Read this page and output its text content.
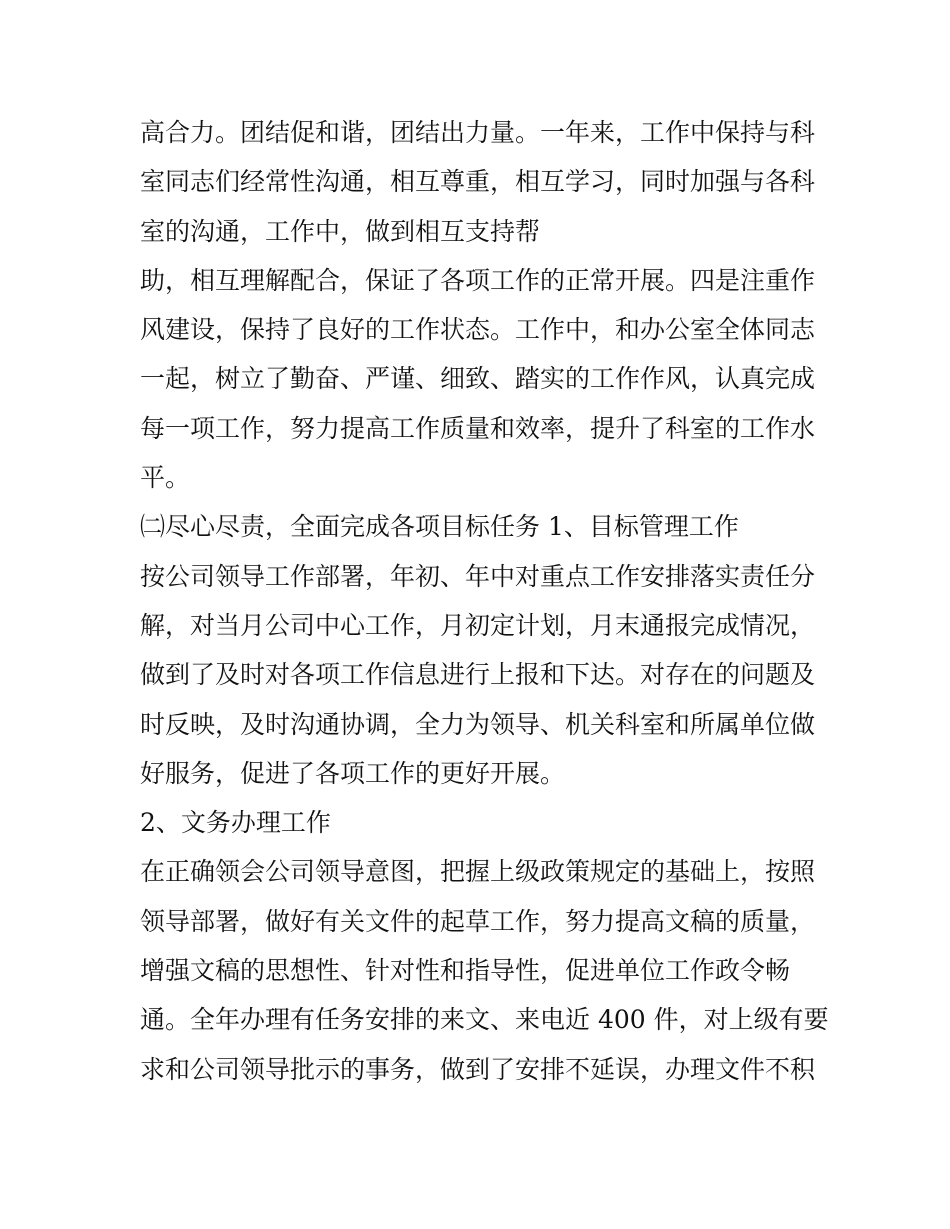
高合力。团结促和谐，团结出力量。一年来，工作中保持与科
室同志们经常性沟通，相互尊重，相互学习，同时加强与各科
室的沟通，工作中，做到相互支持帮
助，相互理解配合，保证了各项工作的正常开展。四是注重作
风建设，保持了良好的工作状态。工作中，和办公室全体同志
一起，树立了勤奋、严谨、细致、踏实的工作作风，认真完成
每一项工作，努力提高工作质量和效率，提升了科室的工作水
平。
㈡尽心尽责，全面完成各项目标任务 1、目标管理工作
按公司领导工作部署，年初、年中对重点工作安排落实责任分
解，对当月公司中心工作，月初定计划，月末通报完成情况，
做到了及时对各项工作信息进行上报和下达。对存在的问题及
时反映，及时沟通协调，全力为领导、机关科室和所属单位做
好服务，促进了各项工作的更好开展。
2、文务办理工作
在正确领会公司领导意图，把握上级政策规定的基础上，按照
领导部署，做好有关文件的起草工作，努力提高文稿的质量，
增强文稿的思想性、针对性和指导性，促进单位工作政令畅
通。全年办理有任务安排的来文、来电近 400 件，对上级有要
求和公司领导批示的事务，做到了安排不延误，办理文件不积
